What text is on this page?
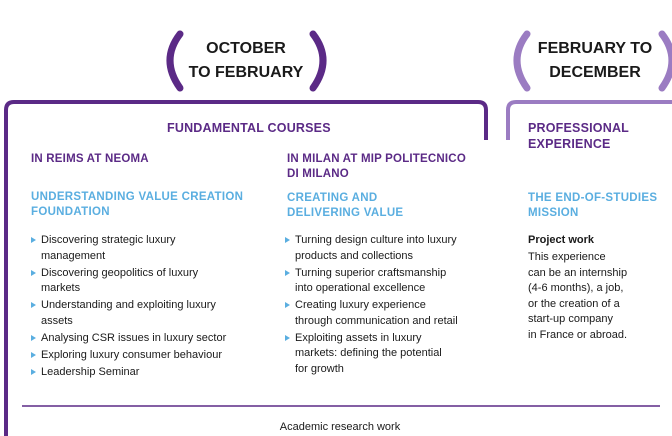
OCTOBER
TO FEBRUARY
FEBRUARY TO
DECEMBER
FUNDAMENTAL COURSES
IN REIMS AT NEOMA
UNDERSTANDING VALUE CREATION
FOUNDATION
Discovering strategic luxury
management
Discovering geopolitics of luxury
markets
Understanding and exploiting luxury
assets
Analysing CSR issues in luxury sector
Exploring luxury consumer behaviour
Leadership Seminar
IN MILAN AT MIP POLITECNICO
DI MILANO
CREATING AND
DELIVERING VALUE
Turning design culture into luxury
products and collections
Turning superior craftsmanship
into operational excellence
Creating luxury experience
through communication and retail
Exploiting assets in luxury
markets: defining the potential
for growth
PROFESSIONAL
EXPERIENCE
THE END-OF-STUDIES
MISSION
Project work
This experience
can be an internship
(4-6 months), a job,
or the creation of a
start-up company
in France or abroad.
Academic research work
